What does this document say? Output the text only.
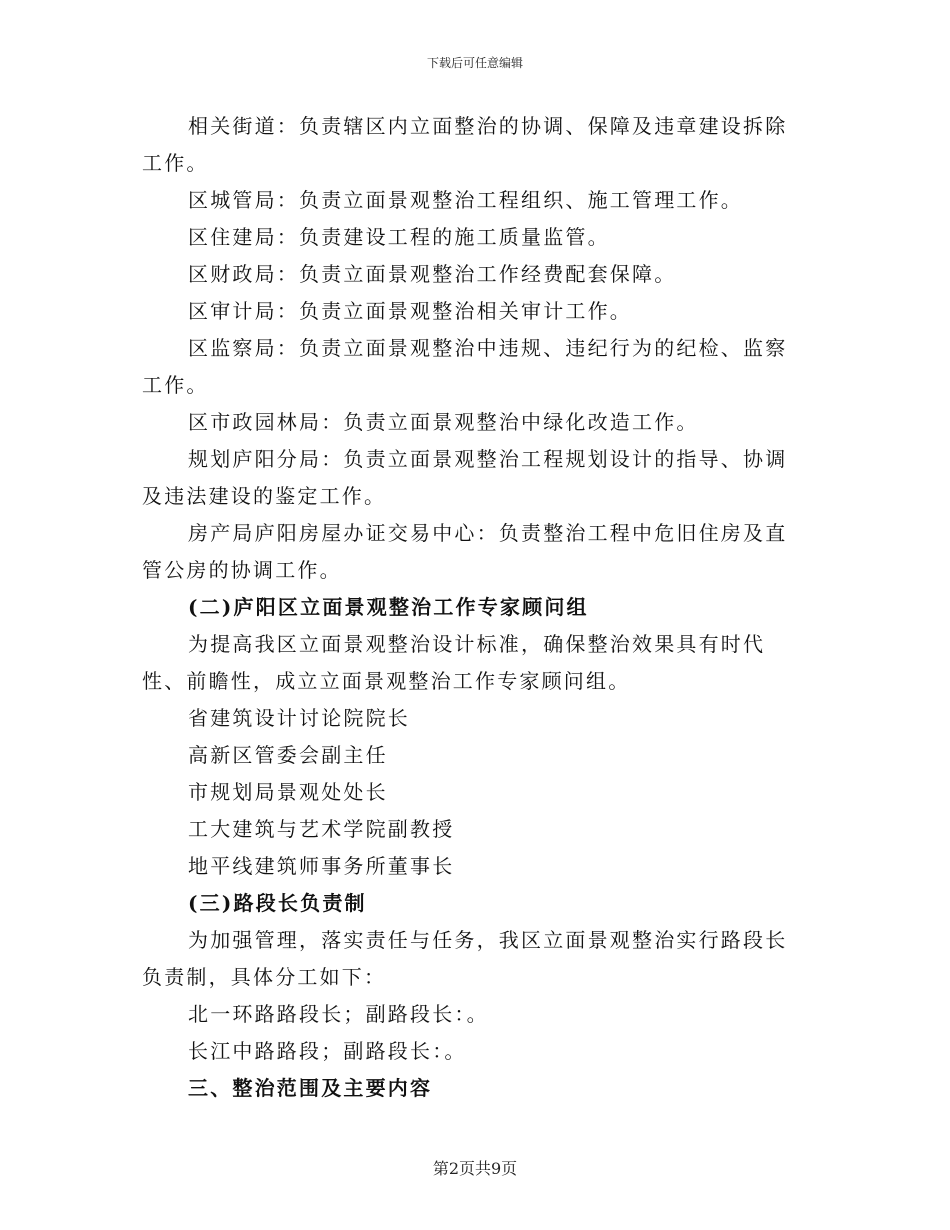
下载后可任意编辑

相关街道：负责辖区内立面整治的协调、保障及违章建设拆除工作。

区城管局：负责立面景观整治工程组织、施工管理工作。

区住建局：负责建设工程的施工质量监管。

区财政局：负责立面景观整治工作经费配套保障。

区审计局：负责立面景观整治相关审计工作。

区监察局：负责立面景观整治中违规、违纪行为的纪检、监察工作。

区市政园林局：负责立面景观整治中绿化改造工作。

规划庐阳分局：负责立面景观整治工程规划设计的指导、协调及违法建设的鉴定工作。

房产局庐阳房屋办证交易中心：负责整治工程中危旧住房及直管公房的协调工作。

(二)庐阳区立面景观整治工作专家顾问组

为提高我区立面景观整治设计标准，确保整治效果具有时代性、前瞻性，成立立面景观整治工作专家顾问组。

省建筑设计讨论院院长

高新区管委会副主任

市规划局景观处处长

工大建筑与艺术学院副教授

地平线建筑师事务所董事长

(三)路段长负责制

为加强管理，落实责任与任务，我区立面景观整治实行路段长负责制，具体分工如下：

北一环路路段长；副路段长：。

长江中路路段；副路段长：。

三、整治范围及主要内容

第2页共9页
